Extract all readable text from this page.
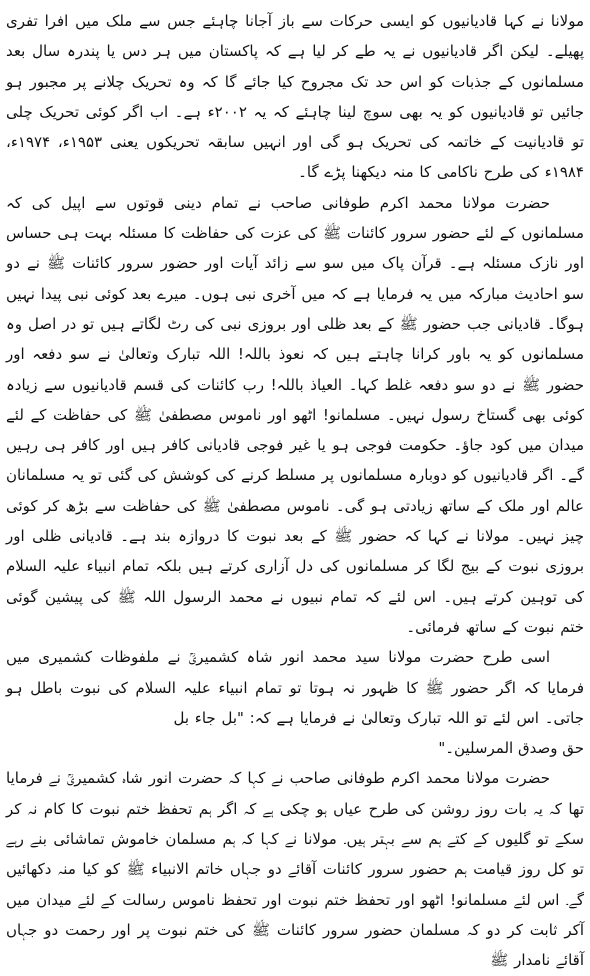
مولانا نے کہا قادیانیوں کو ایسی حرکات سے باز آجانا چاہئے جس سے ملک میں افرا تفری پھیلے۔ لیکن اگر قادیانیوں نے یہ طے کر لیا ہے کہ پاکستان میں ہر دس یا پندرہ سال بعد مسلمانوں کے جذبات کو اس حد تک مجروح کیا جائے گا کہ وہ تحریک چلانے پر مجبور ہو جائیں تو قادیانیوں کو یہ بھی سوچ لینا چاہئے کہ یہ ۲۰۰۲ء ہے۔ اب اگر کوئی تحریک چلی تو قادیانیت کے خاتمہ کی تحریک ہو گی اور انہیں سابقہ تحریکوں یعنی ۱۹۵۳ء، ۱۹۷۴ء، ۱۹۸۴ء کی طرح ناکامی کا منہ دیکھنا پڑے گا۔

حضرت مولانا محمد اکرم طوفانی صاحب نے تمام دینی قوتوں سے اپیل کی کہ مسلمانوں کے لئے حضور سرور کائنات ﷺ کی عزت کی حفاظت کا مسئلہ بہت ہی حساس اور نازک مسئلہ ہے۔ قرآن پاک میں سو سے زائد آیات اور حضور سرور کائنات ﷺ نے دو سو احادیث مبارکہ میں یہ فرمایا ہے کہ میں آخری نبی ہوں۔ میرے بعد کوئی نبی پیدا نہیں ہوگا۔ قادیانی جب حضور ﷺ کے بعد ظلی اور بروزی نبی کی رٹ لگاتے ہیں تو در اصل وہ مسلمانوں کو یہ باور کرانا چاہتے ہیں کہ نعوذ باللہ! اللہ تبارک وتعالیٰ نے سو دفعہ اور حضور ﷺ نے دو سو دفعہ غلط کہا۔ العیاذ باللہ! رب کائنات کی قسم قادیانیوں سے زیادہ کوئی بھی گستاخ رسول نہیں۔ مسلمانو! اٹھو اور ناموس مصطفیٰ ﷺ کی حفاظت کے لئے میدان میں کود جاؤ۔ حکومت فوجی ہو یا غیر فوجی قادیانی کافر ہیں اور کافر ہی رہیں گے۔ اگر قادیانیوں کو دوبارہ مسلمانوں پر مسلط کرنے کی کوشش کی گئی تو یہ مسلمانان عالم اور ملک کے ساتھ زیادتی ہو گی۔ ناموس مصطفیٰ ﷺ کی حفاظت سے بڑھ کر کوئی چیز نہیں۔ مولانا نے کہا کہ حضور ﷺ کے بعد نبوت کا دروازہ بند ہے۔ قادیانی ظلی اور بروزی نبوت کے بیج لگا کر مسلمانوں کی دل آزاری کرتے ہیں بلکہ تمام انبیاء علیہ السلام کی توہین کرتے ہیں۔ اس لئے کہ تمام نبیوں نے محمد الرسول اللہ ﷺ کی پیشین گوئی ختم نبوت کے ساتھ فرمائی۔

اسی طرح حضرت مولانا سید محمد انور شاہ کشمیریؒ نے ملفوظات کشمیری میں فرمایا کہ اگر حضور ﷺ کا ظہور نہ ہوتا تو تمام انبیاء علیہ السلام کی نبوت باطل ہو جاتی۔ اس لئے تو اللہ تبارک وتعالیٰ نے فرمایا ہے کہ: "بل جاء بل

حق وصدق المرسلین۔"

حضرت مولانا محمد اکرم طوفانی صاحب نے کہا کہ حضرت انور شاہ کشمیریؒ نے فرمایا تھا کہ یہ بات روز روشن کی طرح عیاں ہو چکی ہے کہ اگر ہم تحفظ ختم نبوت کا کام نہ کر سکے تو گلیوں کے کتے ہم سے بہتر ہیں۔ مولانا نے کہا کہ ہم مسلمان خاموش تماشائی بنے رہے تو کل روز قیامت ہم حضور سرور کائنات آقائے دو جہاں خاتم الانبیاء ﷺ کو کیا منہ دکھائیں گے۔ اس لئے مسلمانو! اٹھو اور تحفظ ختم نبوت اور تحفظ ناموس رسالت کے لئے میدان میں آکر ثابت کر دو کہ مسلمان حضور سرور کائنات ﷺ کی ختم نبوت پر اور رحمت دو جہاں آقائے نامدار ﷺ
